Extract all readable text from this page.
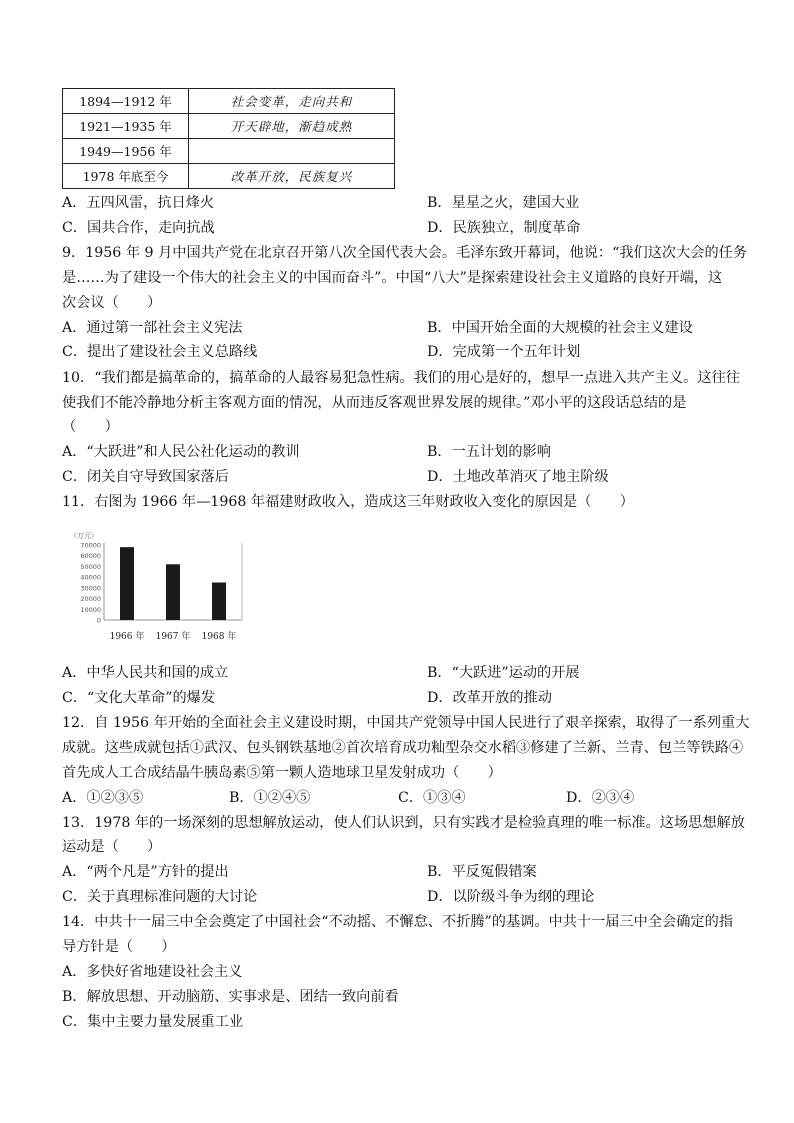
1894—1912 年	社会变革，走向共和
1921—1935 年	开天辟地，渐趋成熟
1949—1956 年	
1978 年底至今	改革开放，民族复兴
A．五四风雷，抗日烽火	B．星星之火，建国大业
C．国共合作，走向抗战	D．民族独立，制度革命
9．1956 年 9 月中国共产党在北京召开第八次全国代表大会。毛泽东致开幕词，他说：“我们这次大会的任务
是……为了建设一个伟大的社会主义的中国而奋斗”。中国“八大”是探索建设社会主义道路的良好开端，这
次会议（　　）
A．通过第一部社会主义宪法	B．中国开始全面的大规模的社会主义建设
C．提出了建设社会主义总路线	D．完成第一个五年计划
10．“我们都是搞革命的，搞革命的人最容易犯急性病。我们的用心是好的，想早一点进入共产主义。这往往
使我们不能冷静地分析主客观方面的情况，从而违反客观世界发展的规律。”邓小平的这段话总结的是
（　　）
A．“大跃进”和人民公社化运动的教训	B．一五计划的影响
C．闭关自守导致国家落后	D．土地改革消灭了地主阶级
11．右图为 1966 年—1968 年福建财政收入，造成这三年财政收入变化的原因是（　　）
（万元）
70000
60000
50000
40000
30000
20000
10000
0
1966 年 1967 年 1968 年
A．中华人民共和国的成立	B．“大跃进”运动的开展
C．“文化大革命”的爆发	D．改革开放的推动
12．自 1956 年开始的全面社会主义建设时期，中国共产党领导中国人民进行了艰辛探索，取得了一系列重大
成就。这些成就包括①武汉、包头钢铁基地②首次培育成功籼型杂交水稻③修建了兰新、兰青、包兰等铁路④
首先成人工合成结晶牛胰岛素⑤第一颗人造地球卫星发射成功（　　）
A．①②③⑤	B．①②④⑤	C．①③④	D．②③④
13．1978 年的一场深刻的思想解放运动，使人们认识到，只有实践才是检验真理的唯一标准。这场思想解放
运动是（　　）
A．“两个凡是”方针的提出	B．平反冤假错案
C．关于真理标准问题的大讨论	D．以阶级斗争为纲的理论
14．中共十一届三中全会奠定了中国社会“不动摇、不懈怠、不折腾”的基调。中共十一届三中全会确定的指
导方针是（　　）
A．多快好省地建设社会主义
B．解放思想、开动脑筋、实事求是、团结一致向前看
C．集中主要力量发展重工业
